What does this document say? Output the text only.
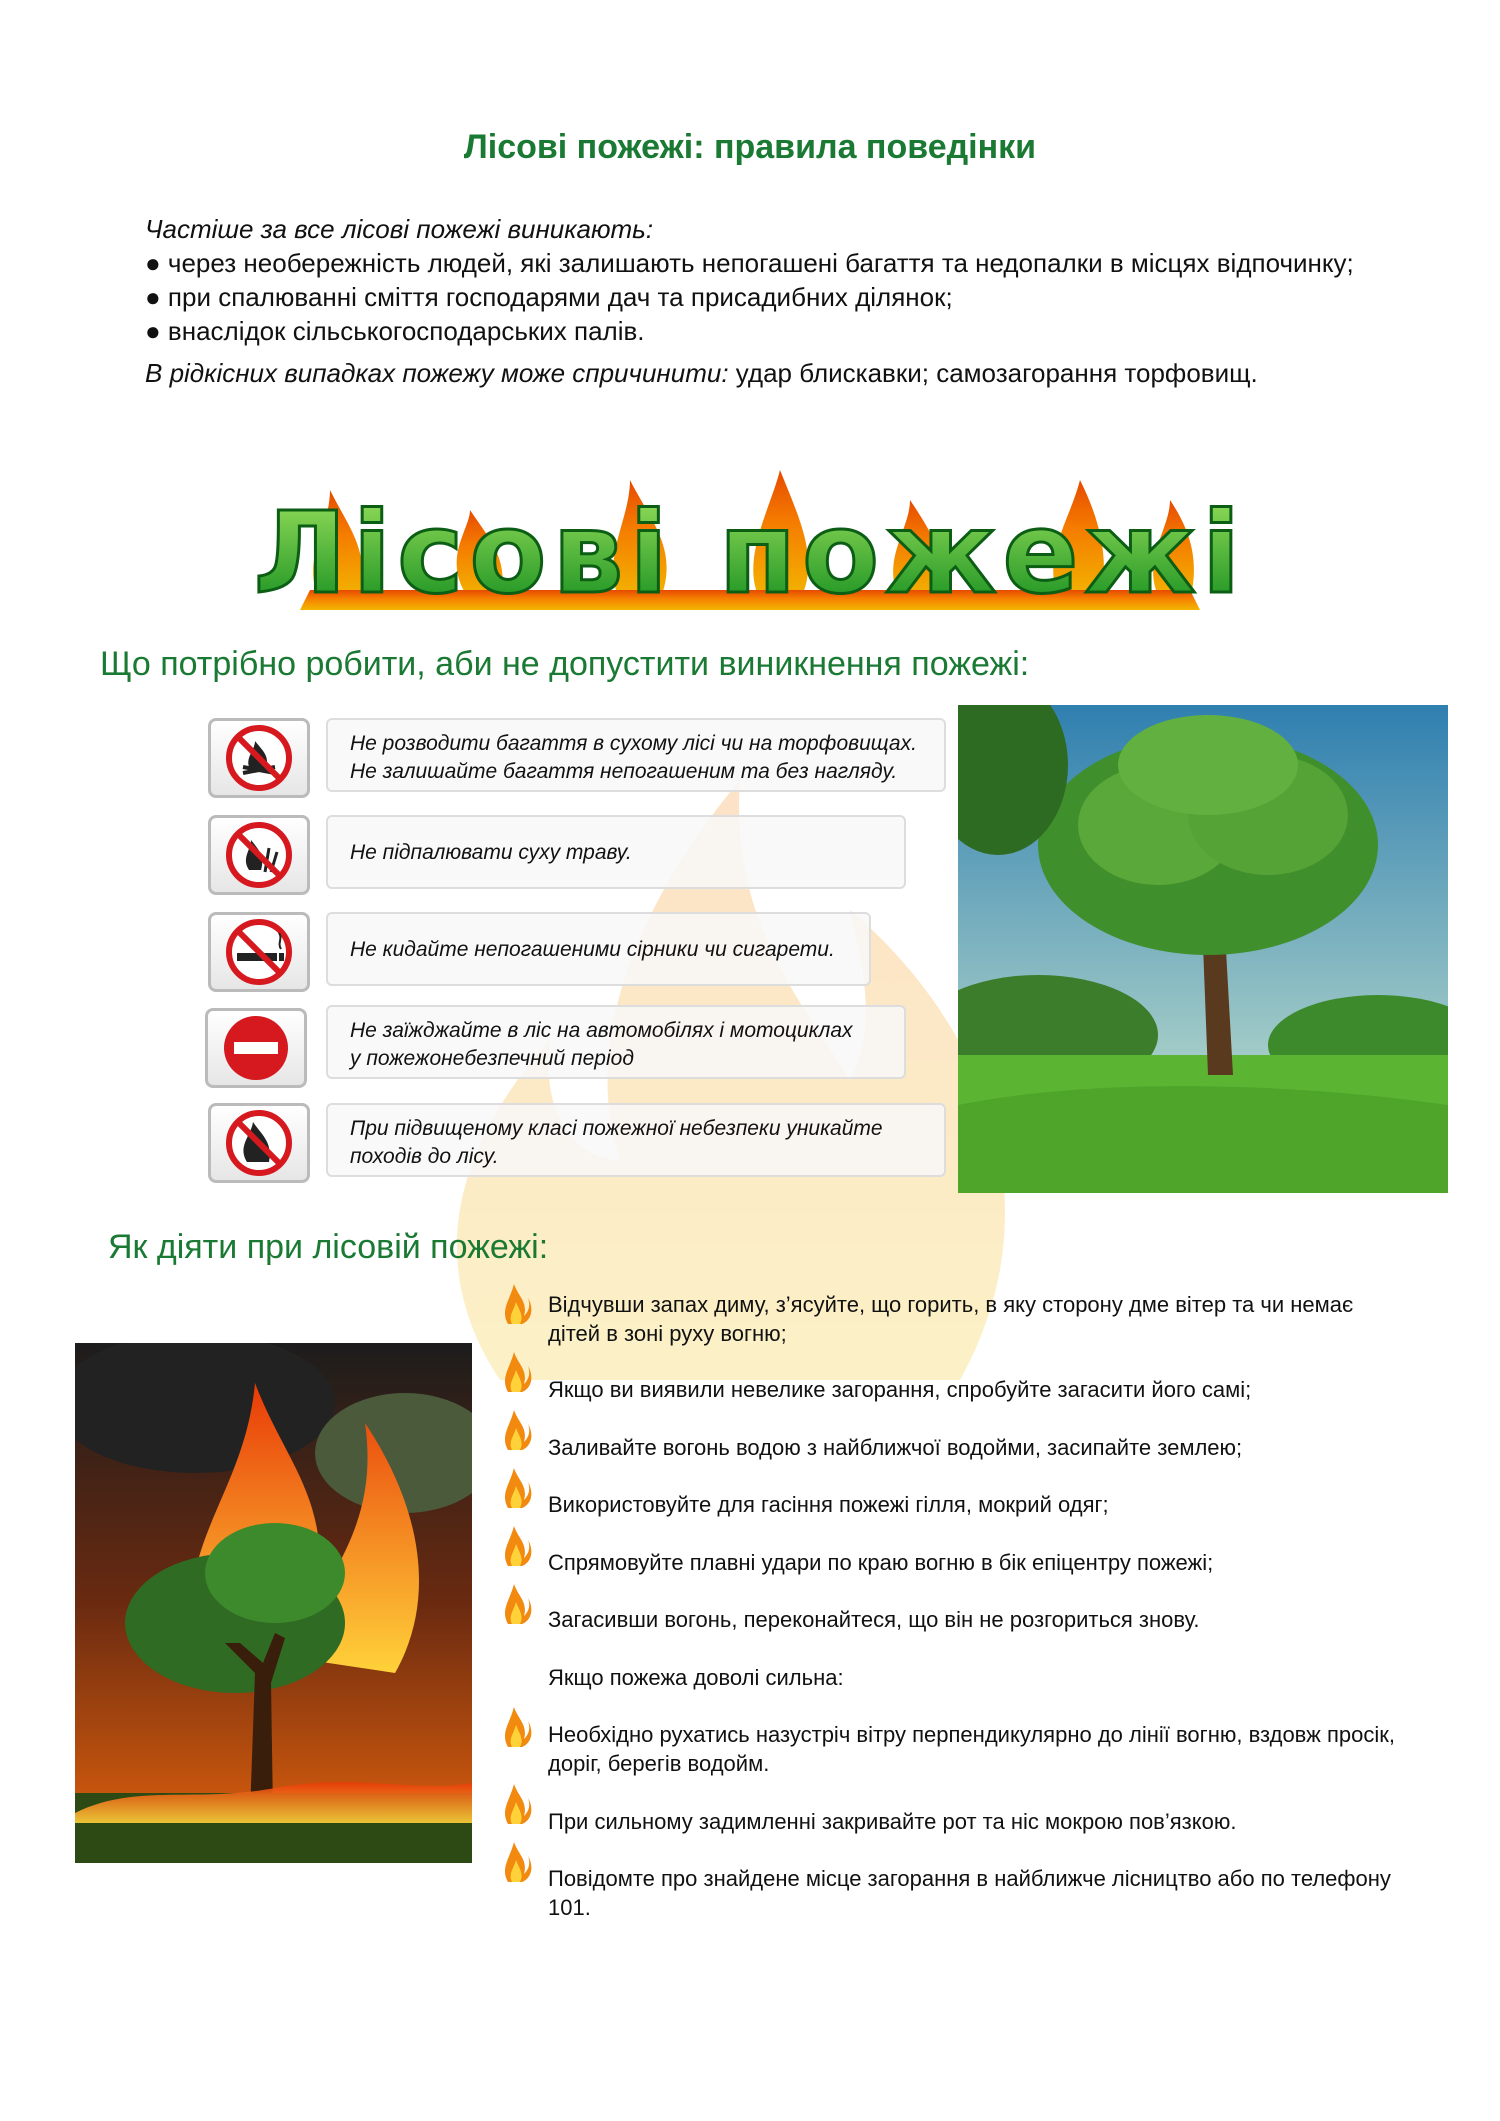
Лісові пожежі: правила поведінки
Частіше за все лісові пожежі виникають:
● через необережність людей, які залишають непогашені багаття та недопалки в місцях відпочинку;
● при спалюванні сміття господарями дач та присадибних ділянок;
● внаслідок сільськогосподарських палів.
В рідкісних випадках пожежу може спричинити: удар блискавки; самозагорання торфовищ.
Лісові пожежі
Що потрібно робити, аби не допустити виникнення пожежі:
Не розводити багаття в сухому лісі чи на торфовищах.
Не залишайте багаття непогашеним та без нагляду.
Не підпалювати суху траву.
Не кидайте непогашеними сірники чи сигарети.
Не заїжджайте в ліс на автомобілях і мотоциклах
у пожежонебезпечний період
При підвищеному класі пожежної небезпеки уникайте
походів до лісу.
Як діяти при лісовій пожежі:
Відчувши запах диму, з’ясуйте, що горить, в яку сторону дме вітер та чи немає дітей в зоні руху вогню;
Якщо ви виявили невелике загорання, спробуйте загасити його самі;
Заливайте вогонь водою з найближчої водойми, засипайте землею;
Використовуйте для гасіння пожежі гілля, мокрий одяг;
Спрямовуйте плавні удари по краю вогню в бік епіцентру пожежі;
Загасивши вогонь, переконайтеся, що він не розгориться знову.
Якщо пожежа доволі сильна:
Необхідно рухатись назустріч вітру перпендикулярно до лінії вогню, вздовж просік, доріг, берегів водойм.
При сильному задимленні закривайте рот та ніс мокрою пов’язкою.
Повідомте про знайдене місце загорання в найближче лісництво або по телефону 101.
